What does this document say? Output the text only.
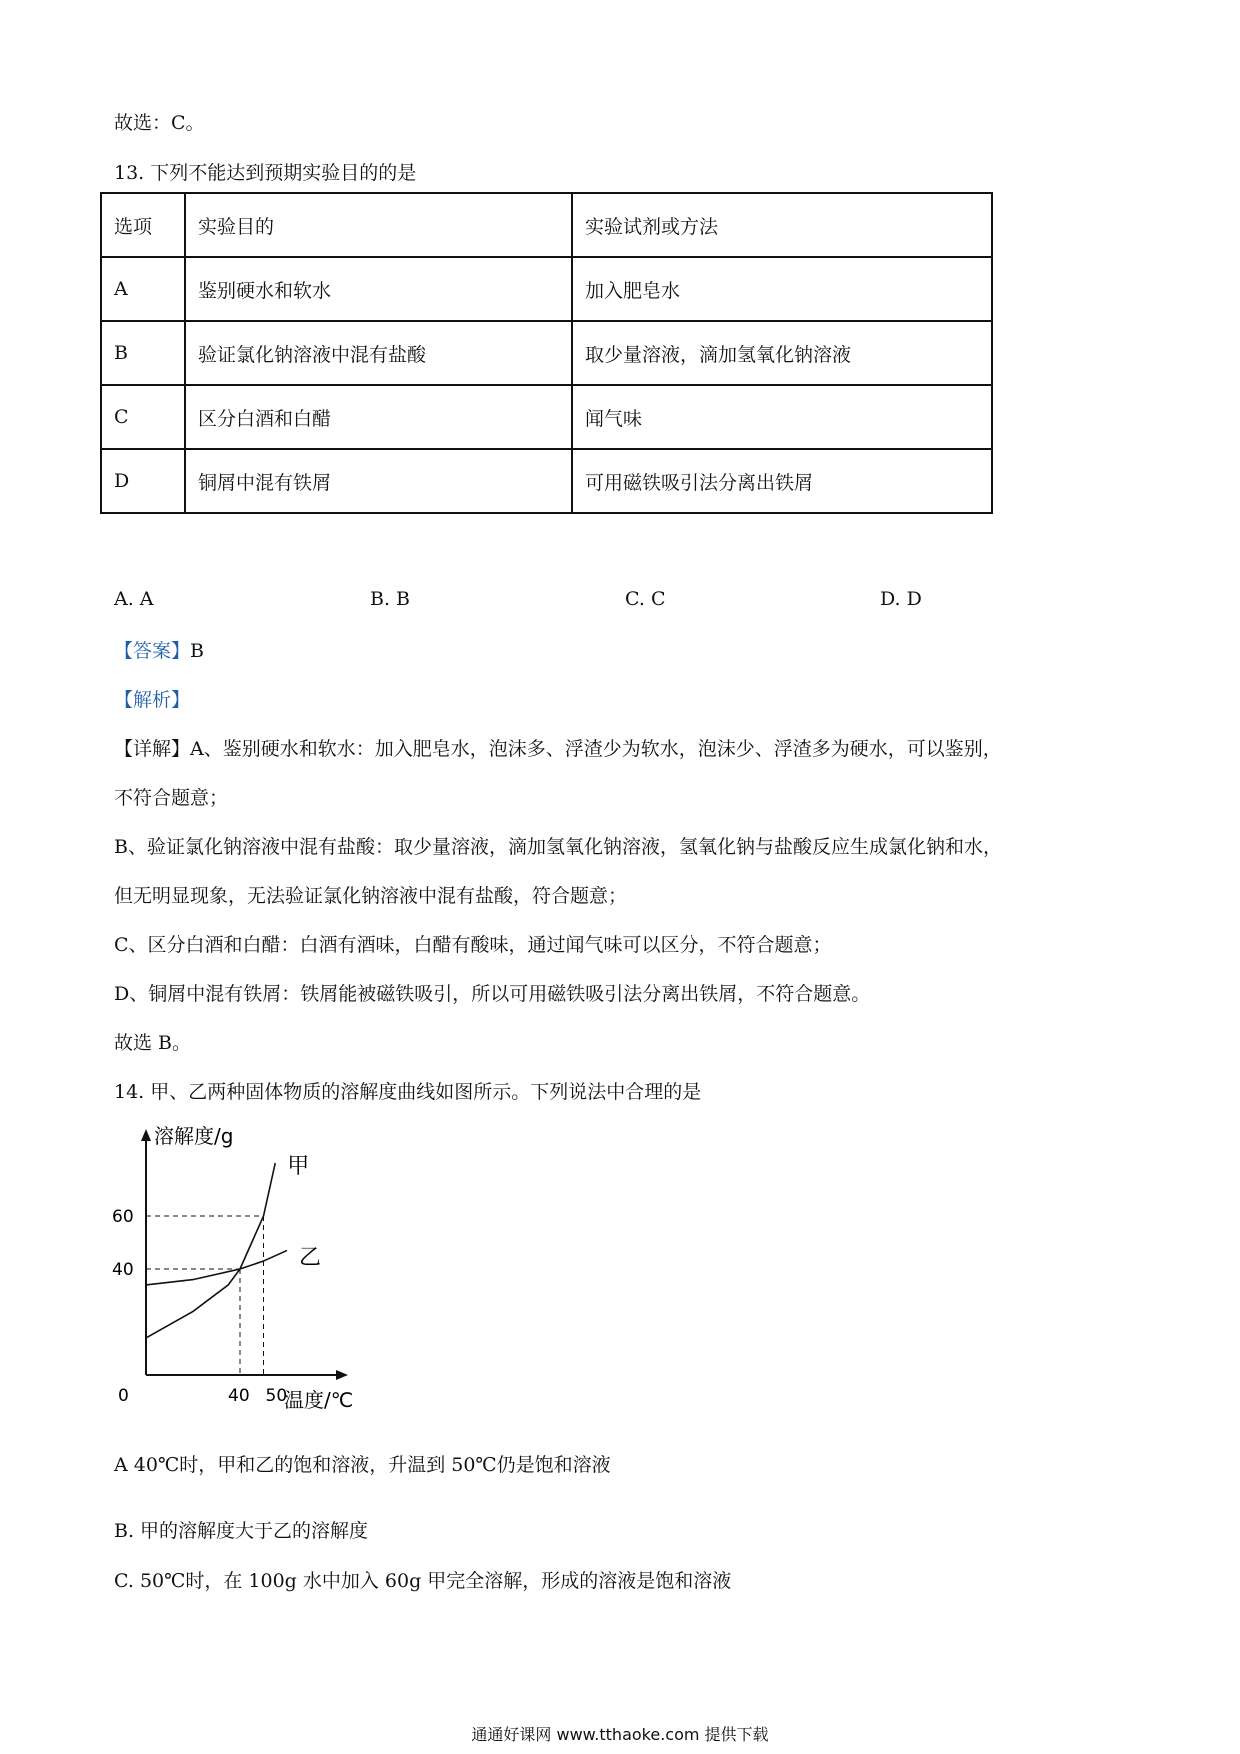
故选：C。
13. 下列不能达到预期实验目的的是
选项	实验目的	实验试剂或方法
A	鉴别硬水和软水	加入肥皂水
B	验证氯化钠溶液中混有盐酸	取少量溶液，滴加氢氧化钠溶液
C	区分白酒和白醋	闻气味
D	铜屑中混有铁屑	可用磁铁吸引法分离出铁屑
A. A	B. B	C. C	D. D
【答案】B
【解析】
【详解】A、鉴别硬水和软水：加入肥皂水，泡沫多、浮渣少为软水，泡沫少、浮渣多为硬水，可以鉴别，
不符合题意；
B、验证氯化钠溶液中混有盐酸：取少量溶液，滴加氢氧化钠溶液，氢氧化钠与盐酸反应生成氯化钠和水，
但无明显现象，无法验证氯化钠溶液中混有盐酸，符合题意；
C、区分白酒和白醋：白酒有酒味，白醋有酸味，通过闻气味可以区分，不符合题意；
D、铜屑中混有铁屑：铁屑能被磁铁吸引，所以可用磁铁吸引法分离出铁屑，不符合题意。
故选 B。
14. 甲、乙两种固体物质的溶解度曲线如图所示。下列说法中合理的是
溶解度/g
温度/℃
0
40
60
40 50
甲
乙
A 40℃时，甲和乙的饱和溶液，升温到 50℃仍是饱和溶液
B. 甲的溶解度大于乙的溶解度
C. 50℃时，在 100g 水中加入 60g 甲完全溶解，形成的溶液是饱和溶液
通通好课网 www.tthaoke.com 提供下载
